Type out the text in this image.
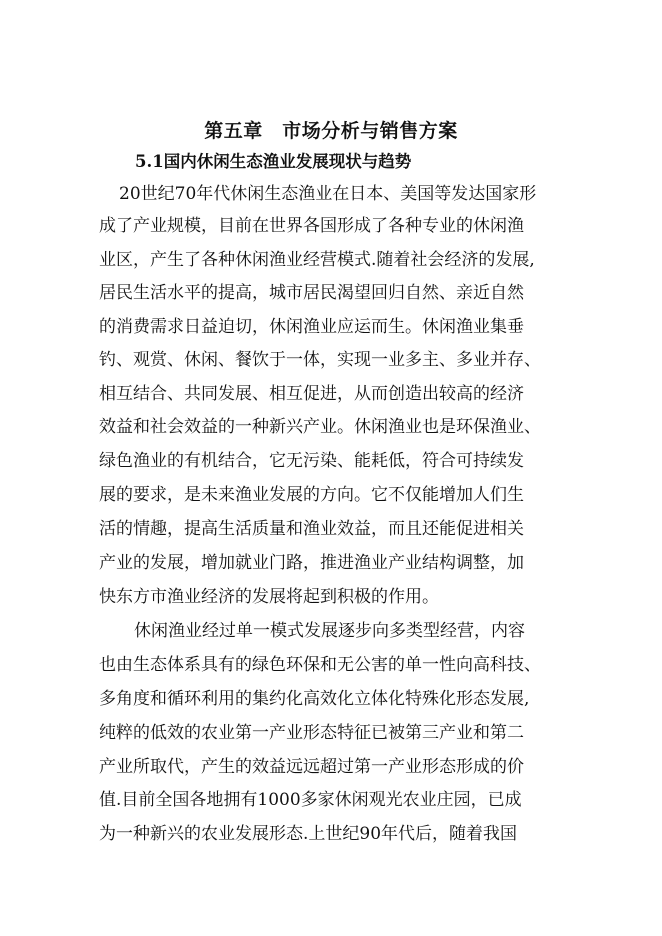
第五章　市场分析与销售方案
5.1国内休闲生态渔业发展现状与趋势
20世纪70年代休闲生态渔业在日本、美国等发达国家形
成了产业规模，目前在世界各国形成了各种专业的休闲渔
业区，产生了各种休闲渔业经营模式.随着社会经济的发展,
居民生活水平的提高，城市居民渴望回归自然、亲近自然
的消费需求日益迫切，休闲渔业应运而生。休闲渔业集垂
钓、观赏、休闲、餐饮于一体，实现一业多主、多业并存、
相互结合、共同发展、相互促进，从而创造出较高的经济
效益和社会效益的一种新兴产业。休闲渔业也是环保渔业、
绿色渔业的有机结合，它无污染、能耗低，符合可持续发
展的要求，是未来渔业发展的方向。它不仅能增加人们生
活的情趣，提高生活质量和渔业效益，而且还能促进相关
产业的发展，增加就业门路，推进渔业产业结构调整，加
快东方市渔业经济的发展将起到积极的作用。
休闲渔业经过单一模式发展逐步向多类型经营，内容
也由生态体系具有的绿色环保和无公害的单一性向高科技、
多角度和循环利用的集约化高效化立体化特殊化形态发展,
纯粹的低效的农业第一产业形态特征已被第三产业和第二
产业所取代，产生的效益远远超过第一产业形态形成的价
值.目前全国各地拥有1000多家休闲观光农业庄园，已成
为一种新兴的农业发展形态.上世纪90年代后，随着我国
